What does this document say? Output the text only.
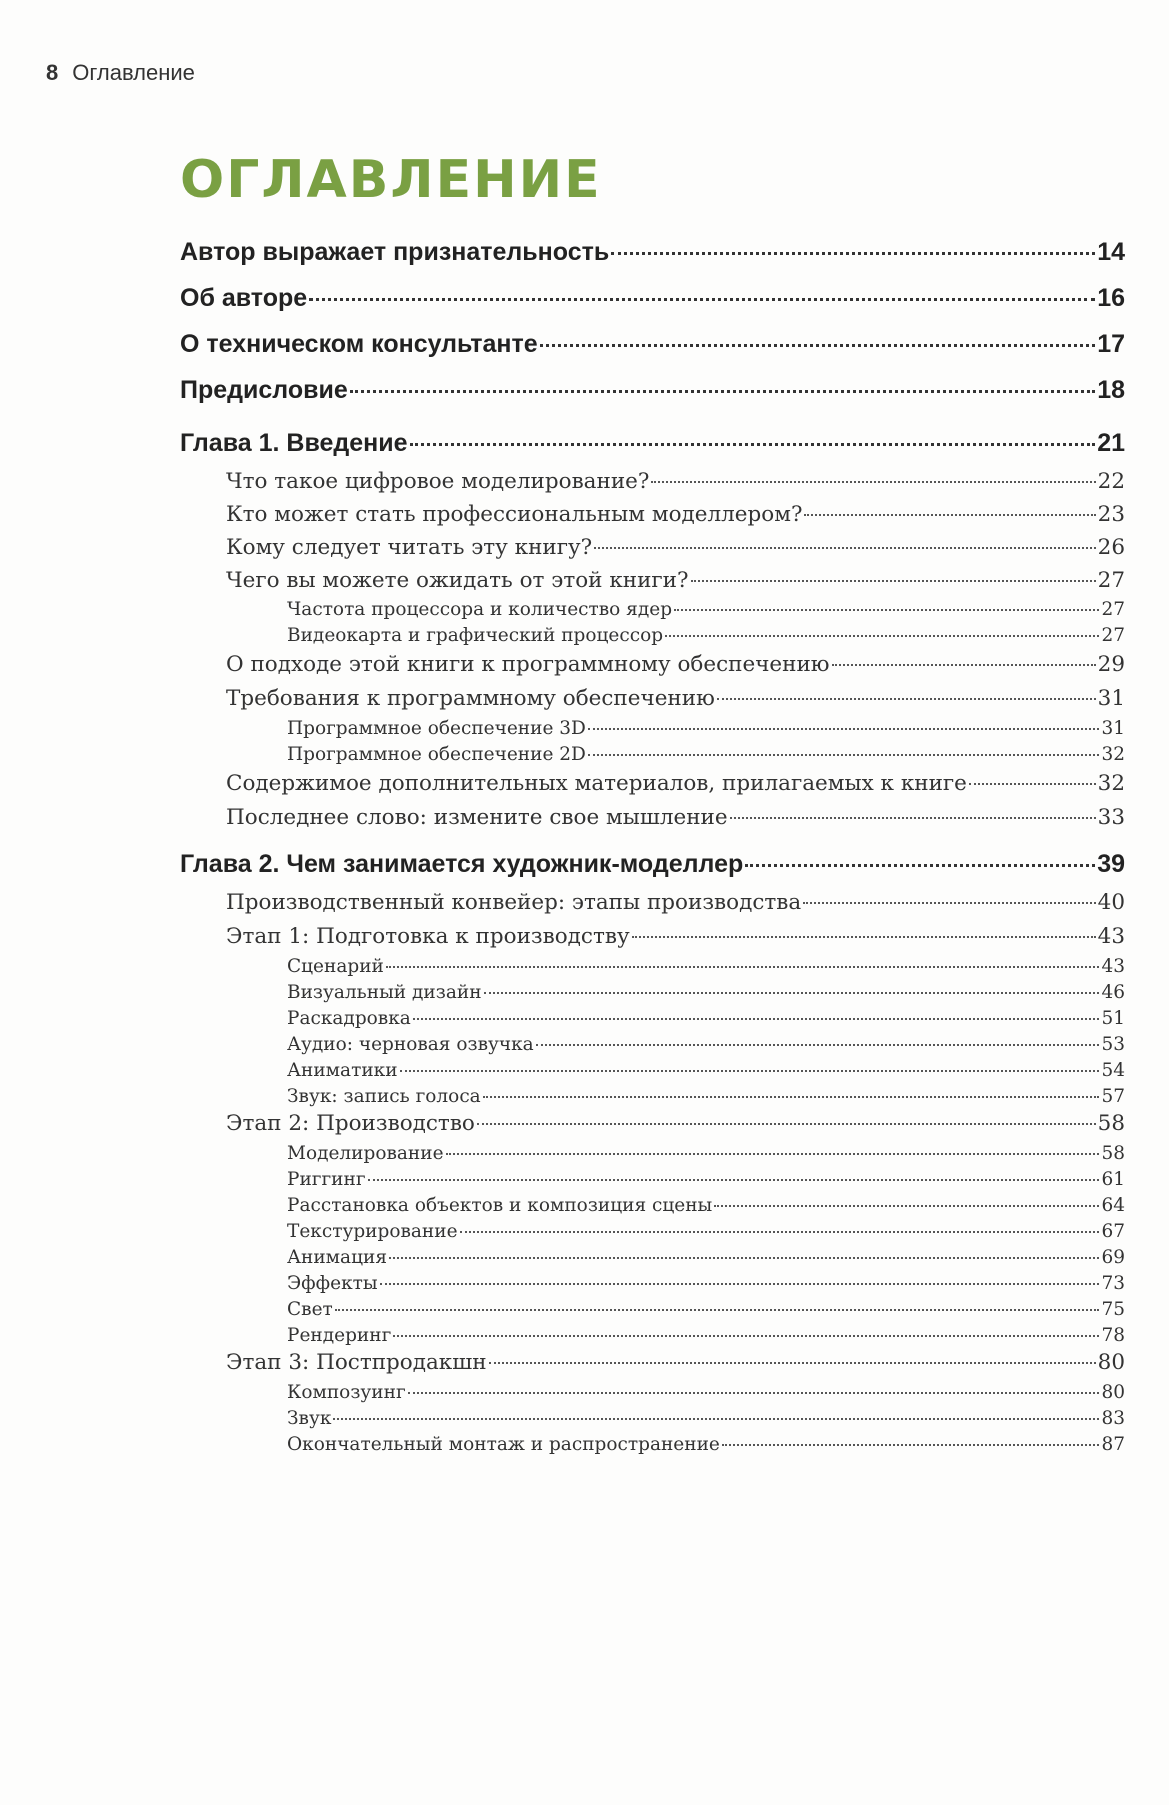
8 Оглавление
ОГЛАВЛЕНИЕ
Автор выражает признательность	14
Об авторе	16
О техническом консультанте	17
Предисловие	18
Глава 1. Введение	21
Что такое цифровое моделирование?	22
Кто может стать профессиональным моделлером?	23
Кому следует читать эту книгу?	26
Чего вы можете ожидать от этой книги?	27
Частота процессора и количество ядер	27
Видеокарта и графический процессор	27
О подходе этой книги к программному обеспечению	29
Требования к программному обеспечению	31
Программное обеспечение 3D	31
Программное обеспечение 2D	32
Содержимое дополнительных материалов, прилагаемых к книге	32
Последнее слово: измените свое мышление	33
Глава 2. Чем занимается художник-моделлер	39
Производственный конвейер: этапы производства	40
Этап 1: Подготовка к производству	43
Сценарий	43
Визуальный дизайн	46
Раскадровка	51
Аудио: черновая озвучка	53
Аниматики	54
Звук: запись голоса	57
Этап 2: Производство	58
Моделирование	58
Риггинг	61
Расстановка объектов и композиция сцены	64
Текстурирование	67
Анимация	69
Эффекты	73
Свет	75
Рендеринг	78
Этап 3: Постпродакшн	80
Композуинг	80
Звук	83
Окончательный монтаж и распространение	87
